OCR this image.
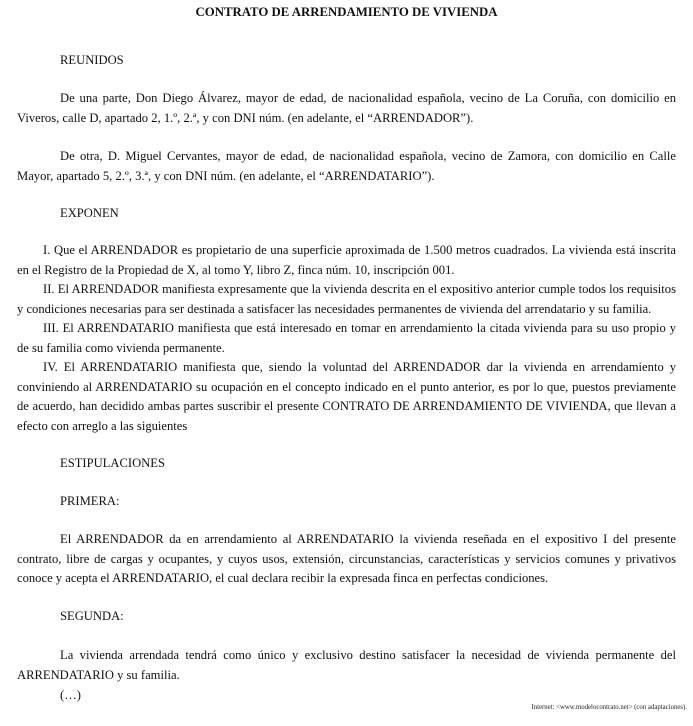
CONTRATO DE ARRENDAMIENTO DE VIVIENDA
REUNIDOS
De una parte, Don Diego Álvarez, mayor de edad, de nacionalidad española, vecino de La Coruña, con domicilio en Viveros, calle D, apartado 2, 1.º, 2.ª, y con DNI núm. (en adelante, el “ARRENDADOR”).
De otra, D. Miguel Cervantes, mayor de edad, de nacionalidad española, vecino de Zamora, con domicilio en Calle Mayor, apartado 5, 2.º, 3.ª, y con DNI núm. (en adelante, el “ARRENDATARIO”).
EXPONEN
I. Que el ARRENDADOR es propietario de una superficie aproximada de 1.500 metros cuadrados. La vivienda está inscrita en el Registro de la Propiedad de X, al tomo Y, libro Z, finca núm. 10, inscripción 001.
II. El ARRENDADOR manifiesta expresamente que la vivienda descrita en el expositivo anterior cumple todos los requisitos y condiciones necesarias para ser destinada a satisfacer las necesidades permanentes de vivienda del arrendatario y su familia.
III. El ARRENDATARIO manifiesta que está interesado en tomar en arrendamiento la citada vivienda para su uso propio y de su familia como vivienda permanente.
IV. El ARRENDATARIO manifiesta que, siendo la voluntad del ARRENDADOR dar la vivienda en arrendamiento y conviniendo al ARRENDATARIO su ocupación en el concepto indicado en el punto anterior, es por lo que, puestos previamente de acuerdo, han decidido ambas partes suscribir el presente CONTRATO DE ARRENDAMIENTO DE VIVIENDA, que llevan a efecto con arreglo a las siguientes
ESTIPULACIONES
PRIMERA:
El ARRENDADOR da en arrendamiento al ARRENDATARIO la vivienda reseñada en el expositivo I del presente contrato, libre de cargas y ocupantes, y cuyos usos, extensión, circunstancias, características y servicios comunes y privativos conoce y acepta el ARRENDATARIO, el cual declara recibir la expresada finca en perfectas condiciones.
SEGUNDA:
La vivienda arrendada tendrá como único y exclusivo destino satisfacer la necesidad de vivienda permanente del ARRENDATARIO y su familia.
(…)
Internet: <www.modelocontrato.net> (con adaptaciones).
